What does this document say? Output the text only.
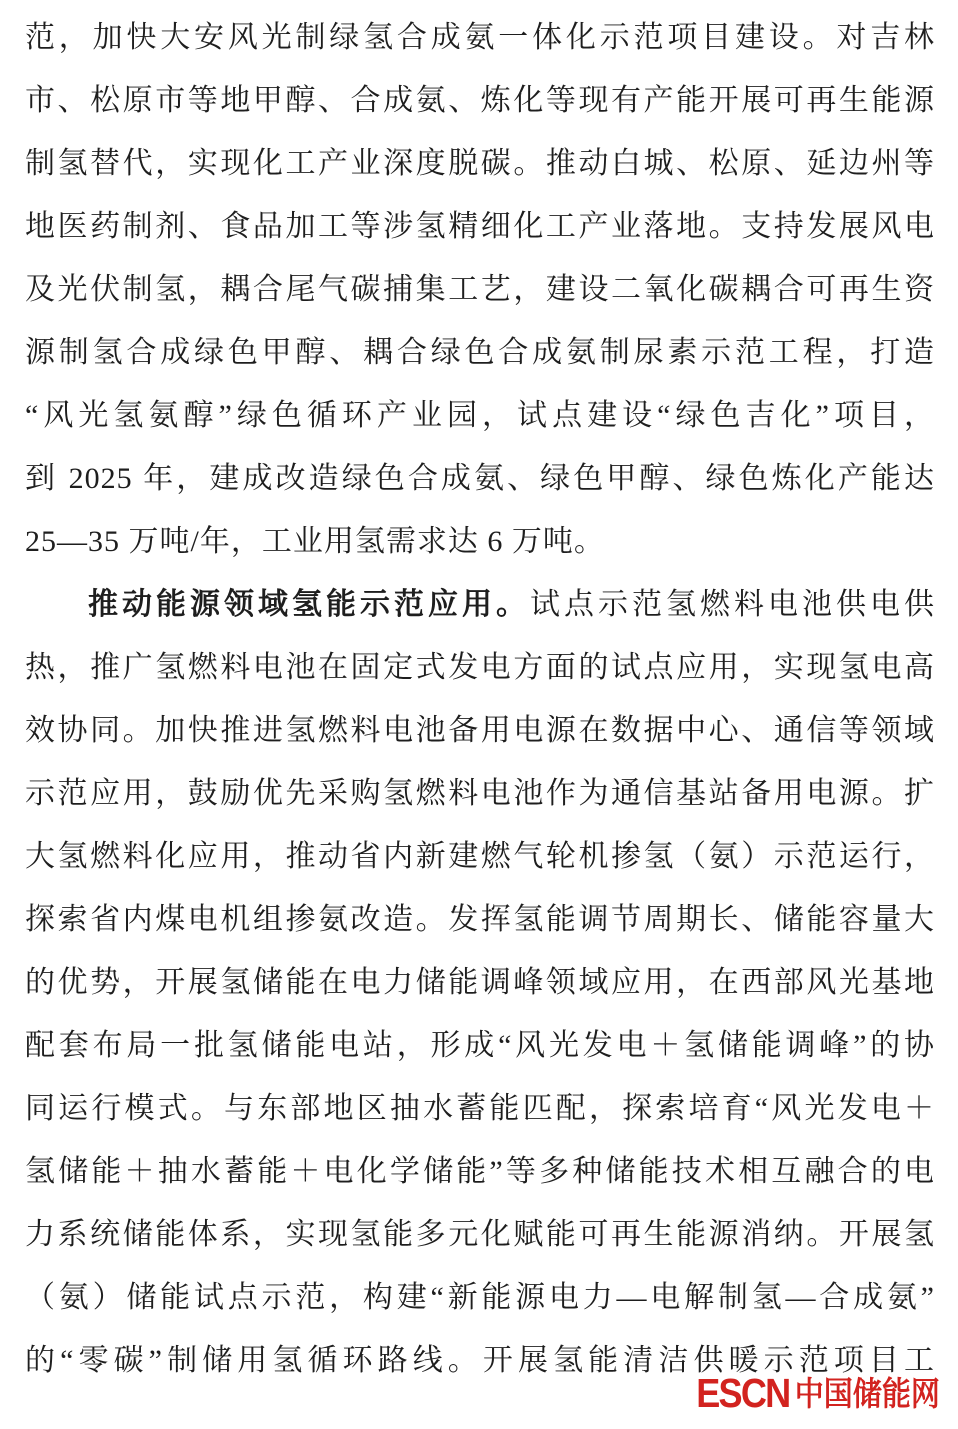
范，加快大安风光制绿氢合成氨一体化示范项目建设。对吉林
市、松原市等地甲醇、合成氨、炼化等现有产能开展可再生能源
制氢替代，实现化工产业深度脱碳。推动白城、松原、延边州等
地医药制剂、食品加工等涉氢精细化工产业落地。支持发展风电
及光伏制氢，耦合尾气碳捕集工艺，建设二氧化碳耦合可再生资
源制氢合成绿色甲醇、耦合绿色合成氨制尿素示范工程，打造
“风光氢氨醇”绿色循环产业园，试点建设“绿色吉化”项目，
到 2025 年，建成改造绿色合成氨、绿色甲醇、绿色炼化产能达
25—35 万吨/年，工业用氢需求达 6 万吨。
推动能源领域氢能示范应用。试点示范氢燃料电池供电供
热，推广氢燃料电池在固定式发电方面的试点应用，实现氢电高
效协同。加快推进氢燃料电池备用电源在数据中心、通信等领域
示范应用，鼓励优先采购氢燃料电池作为通信基站备用电源。扩
大氢燃料化应用，推动省内新建燃气轮机掺氢（氨）示范运行，
探索省内煤电机组掺氨改造。发挥氢能调节周期长、储能容量大
的优势，开展氢储能在电力储能调峰领域应用，在西部风光基地
配套布局一批氢储能电站，形成“风光发电＋氢储能调峰”的协
同运行模式。与东部地区抽水蓄能匹配，探索培育“风光发电＋
氢储能＋抽水蓄能＋电化学储能”等多种储能技术相互融合的电
力系统储能体系，实现氢能多元化赋能可再生能源消纳。开展氢
（氨）储能试点示范，构建“新能源电力—电解制氢—合成氨”
的“零碳”制储用氢循环路线。开展氢能清洁供暖示范项目工
ESCN 中国储能网
